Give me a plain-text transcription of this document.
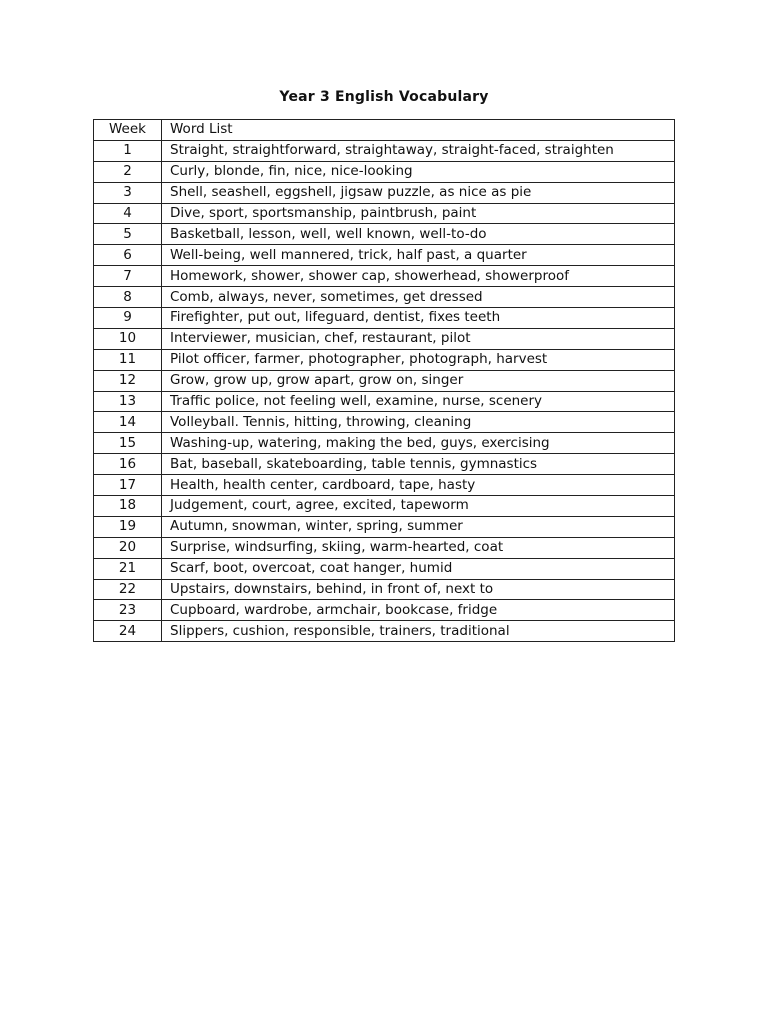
Year 3 English Vocabulary
Week	Word List
1	Straight, straightforward, straightaway, straight-faced, straighten
2	Curly, blonde, fin, nice, nice-looking
3	Shell, seashell, eggshell, jigsaw puzzle, as nice as pie
4	Dive, sport, sportsmanship, paintbrush, paint
5	Basketball, lesson, well, well known, well-to-do
6	Well-being, well mannered, trick, half past, a quarter
7	Homework, shower, shower cap, showerhead, showerproof
8	Comb, always, never, sometimes, get dressed
9	Firefighter, put out, lifeguard, dentist, fixes teeth
10	Interviewer, musician, chef, restaurant, pilot
11	Pilot officer, farmer, photographer, photograph, harvest
12	Grow, grow up, grow apart, grow on, singer
13	Traffic police, not feeling well, examine, nurse, scenery
14	Volleyball. Tennis, hitting, throwing, cleaning
15	Washing-up, watering, making the bed, guys, exercising
16	Bat, baseball, skateboarding, table tennis, gymnastics
17	Health, health center, cardboard, tape, hasty
18	Judgement, court, agree, excited, tapeworm
19	Autumn, snowman, winter, spring, summer
20	Surprise, windsurfing, skiing, warm-hearted, coat
21	Scarf, boot, overcoat, coat hanger, humid
22	Upstairs, downstairs, behind, in front of, next to
23	Cupboard, wardrobe, armchair, bookcase, fridge
24	Slippers, cushion, responsible, trainers, traditional
